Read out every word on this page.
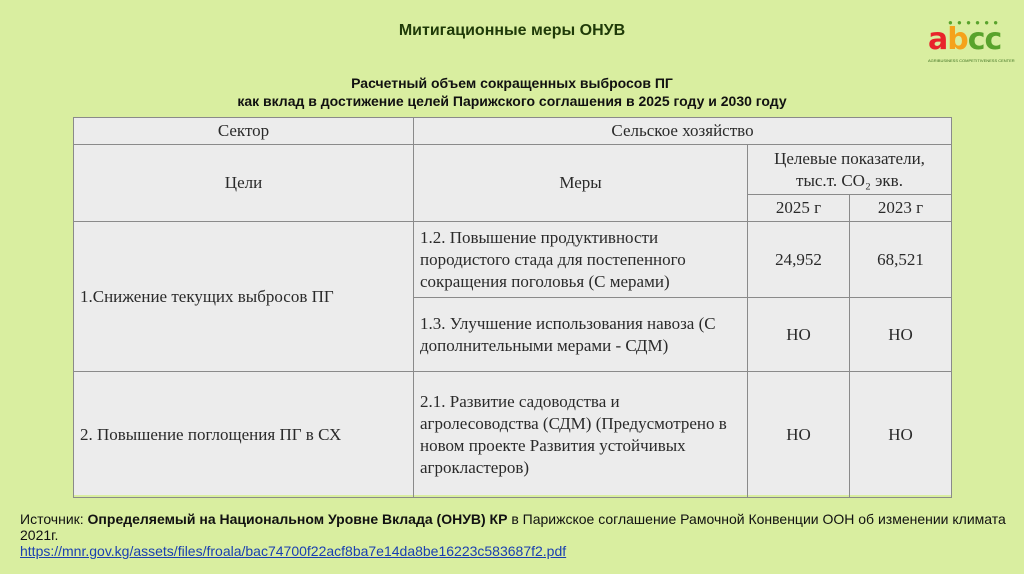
Митигационные меры ОНУВ	● ● ● ● ● ●
abcc
AGRIBUSINESS COMPETITIVENESS CENTER
Расчетный объем сокращенных выбросов ПГ
как вклад в достижение целей Парижского соглашения в 2025 году и 2030 году
Сектор	Сельское хозяйство		
Цели	Меры	Целевые показатели, тыс.т. CO₂ экв.	
		2025 г	2023 г
1.Снижение текущих выбросов ПГ	1.2. Повышение продуктивности породистого стада для постепенного сокращения поголовья (С мерами)	24,952	68,521
	1.3. Улучшение использования навоза (С дополнительными мерами - СДМ)	НО	НО
2. Повышение поглощения ПГ в СХ	2.1. Развитие садоводства и агролесоводства (СДМ) (Предусмотрено в новом проекте Развития устойчивых агрокластеров)	НО	НО
Источник: Определяемый на Национальном Уровне Вклада (ОНУВ) КР в Парижское соглашение Рамочной Конвенции ООН об изменении климата 2021г.
https://mnr.gov.kg/assets/files/froala/bac74700f22acf8ba7e14da8be16223c583687f2.pdf
